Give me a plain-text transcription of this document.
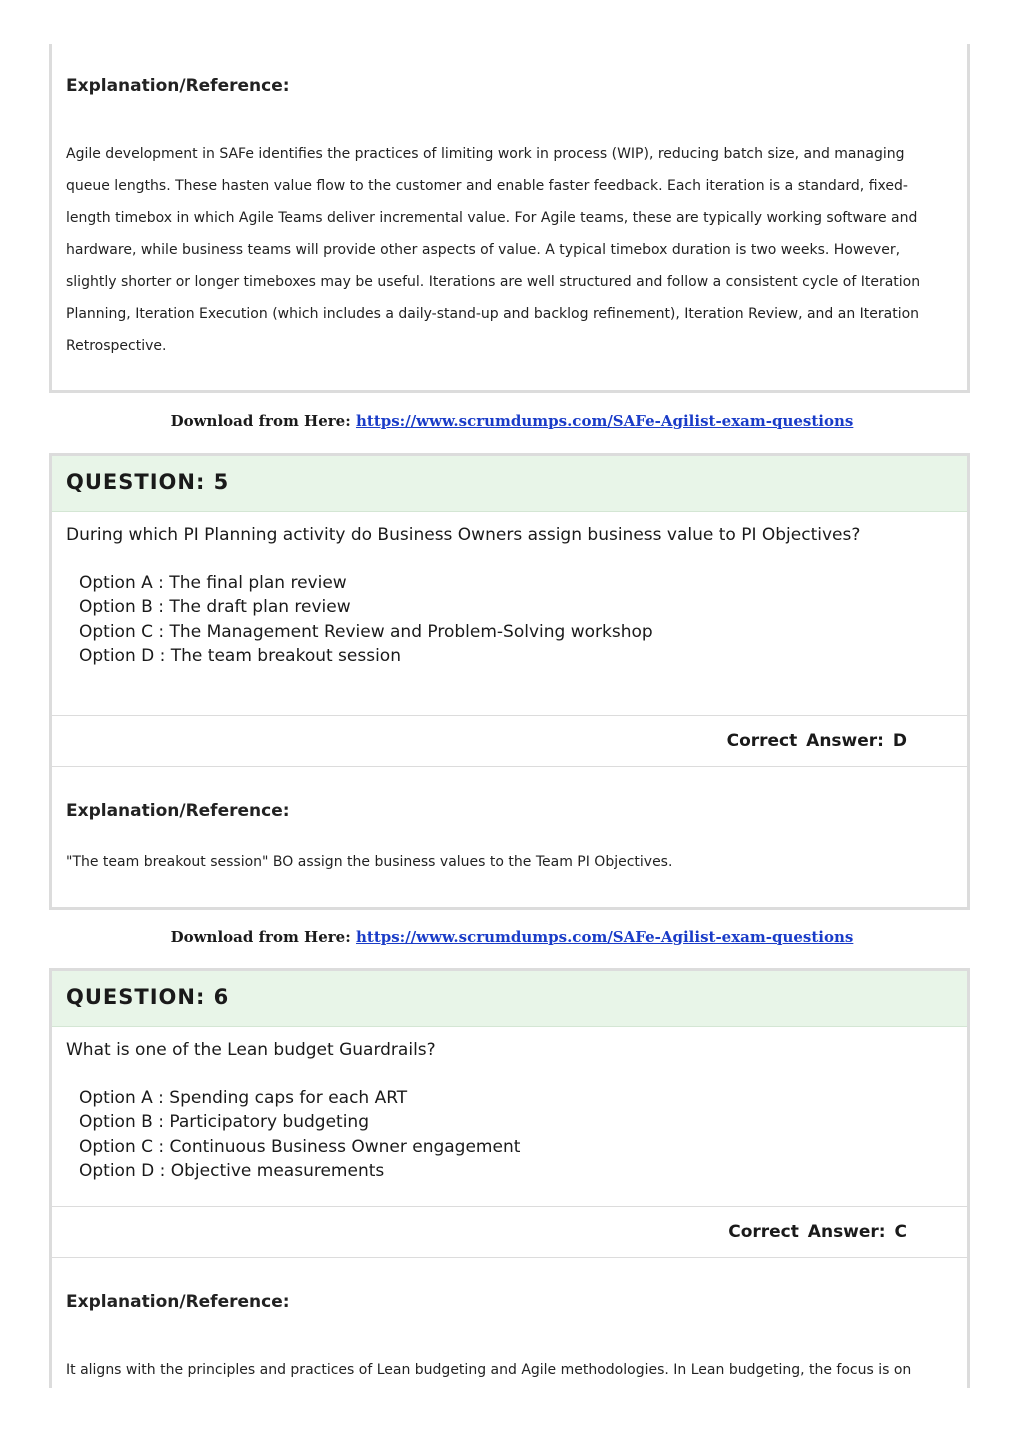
Explanation/Reference:
Agile development in SAFe identifies the practices of limiting work in process (WIP), reducing batch size, and managing queue lengths. These hasten value flow to the customer and enable faster feedback. Each iteration is a standard, fixed-length timebox in which Agile Teams deliver incremental value. For Agile teams, these are typically working software and hardware, while business teams will provide other aspects of value. A typical timebox duration is two weeks. However, slightly shorter or longer timeboxes may be useful. Iterations are well structured and follow a consistent cycle of Iteration Planning, Iteration Execution (which includes a daily-stand-up and backlog refinement), Iteration Review, and an Iteration Retrospective.
Download from Here: https://www.scrumdumps.com/SAFe-Agilist-exam-questions
QUESTION: 5
During which PI Planning activity do Business Owners assign business value to PI Objectives?
Option A : The final plan review
Option B : The draft plan review
Option C : The Management Review and Problem-Solving workshop
Option D : The team breakout session
Correct Answer: D
Explanation/Reference:
"The team breakout session" BO assign the business values to the Team PI Objectives.
Download from Here: https://www.scrumdumps.com/SAFe-Agilist-exam-questions
QUESTION: 6
What is one of the Lean budget Guardrails?
Option A : Spending caps for each ART
Option B : Participatory budgeting
Option C : Continuous Business Owner engagement
Option D : Objective measurements
Correct Answer: C
Explanation/Reference:
It aligns with the principles and practices of Lean budgeting and Agile methodologies. In Lean budgeting, the focus is on
